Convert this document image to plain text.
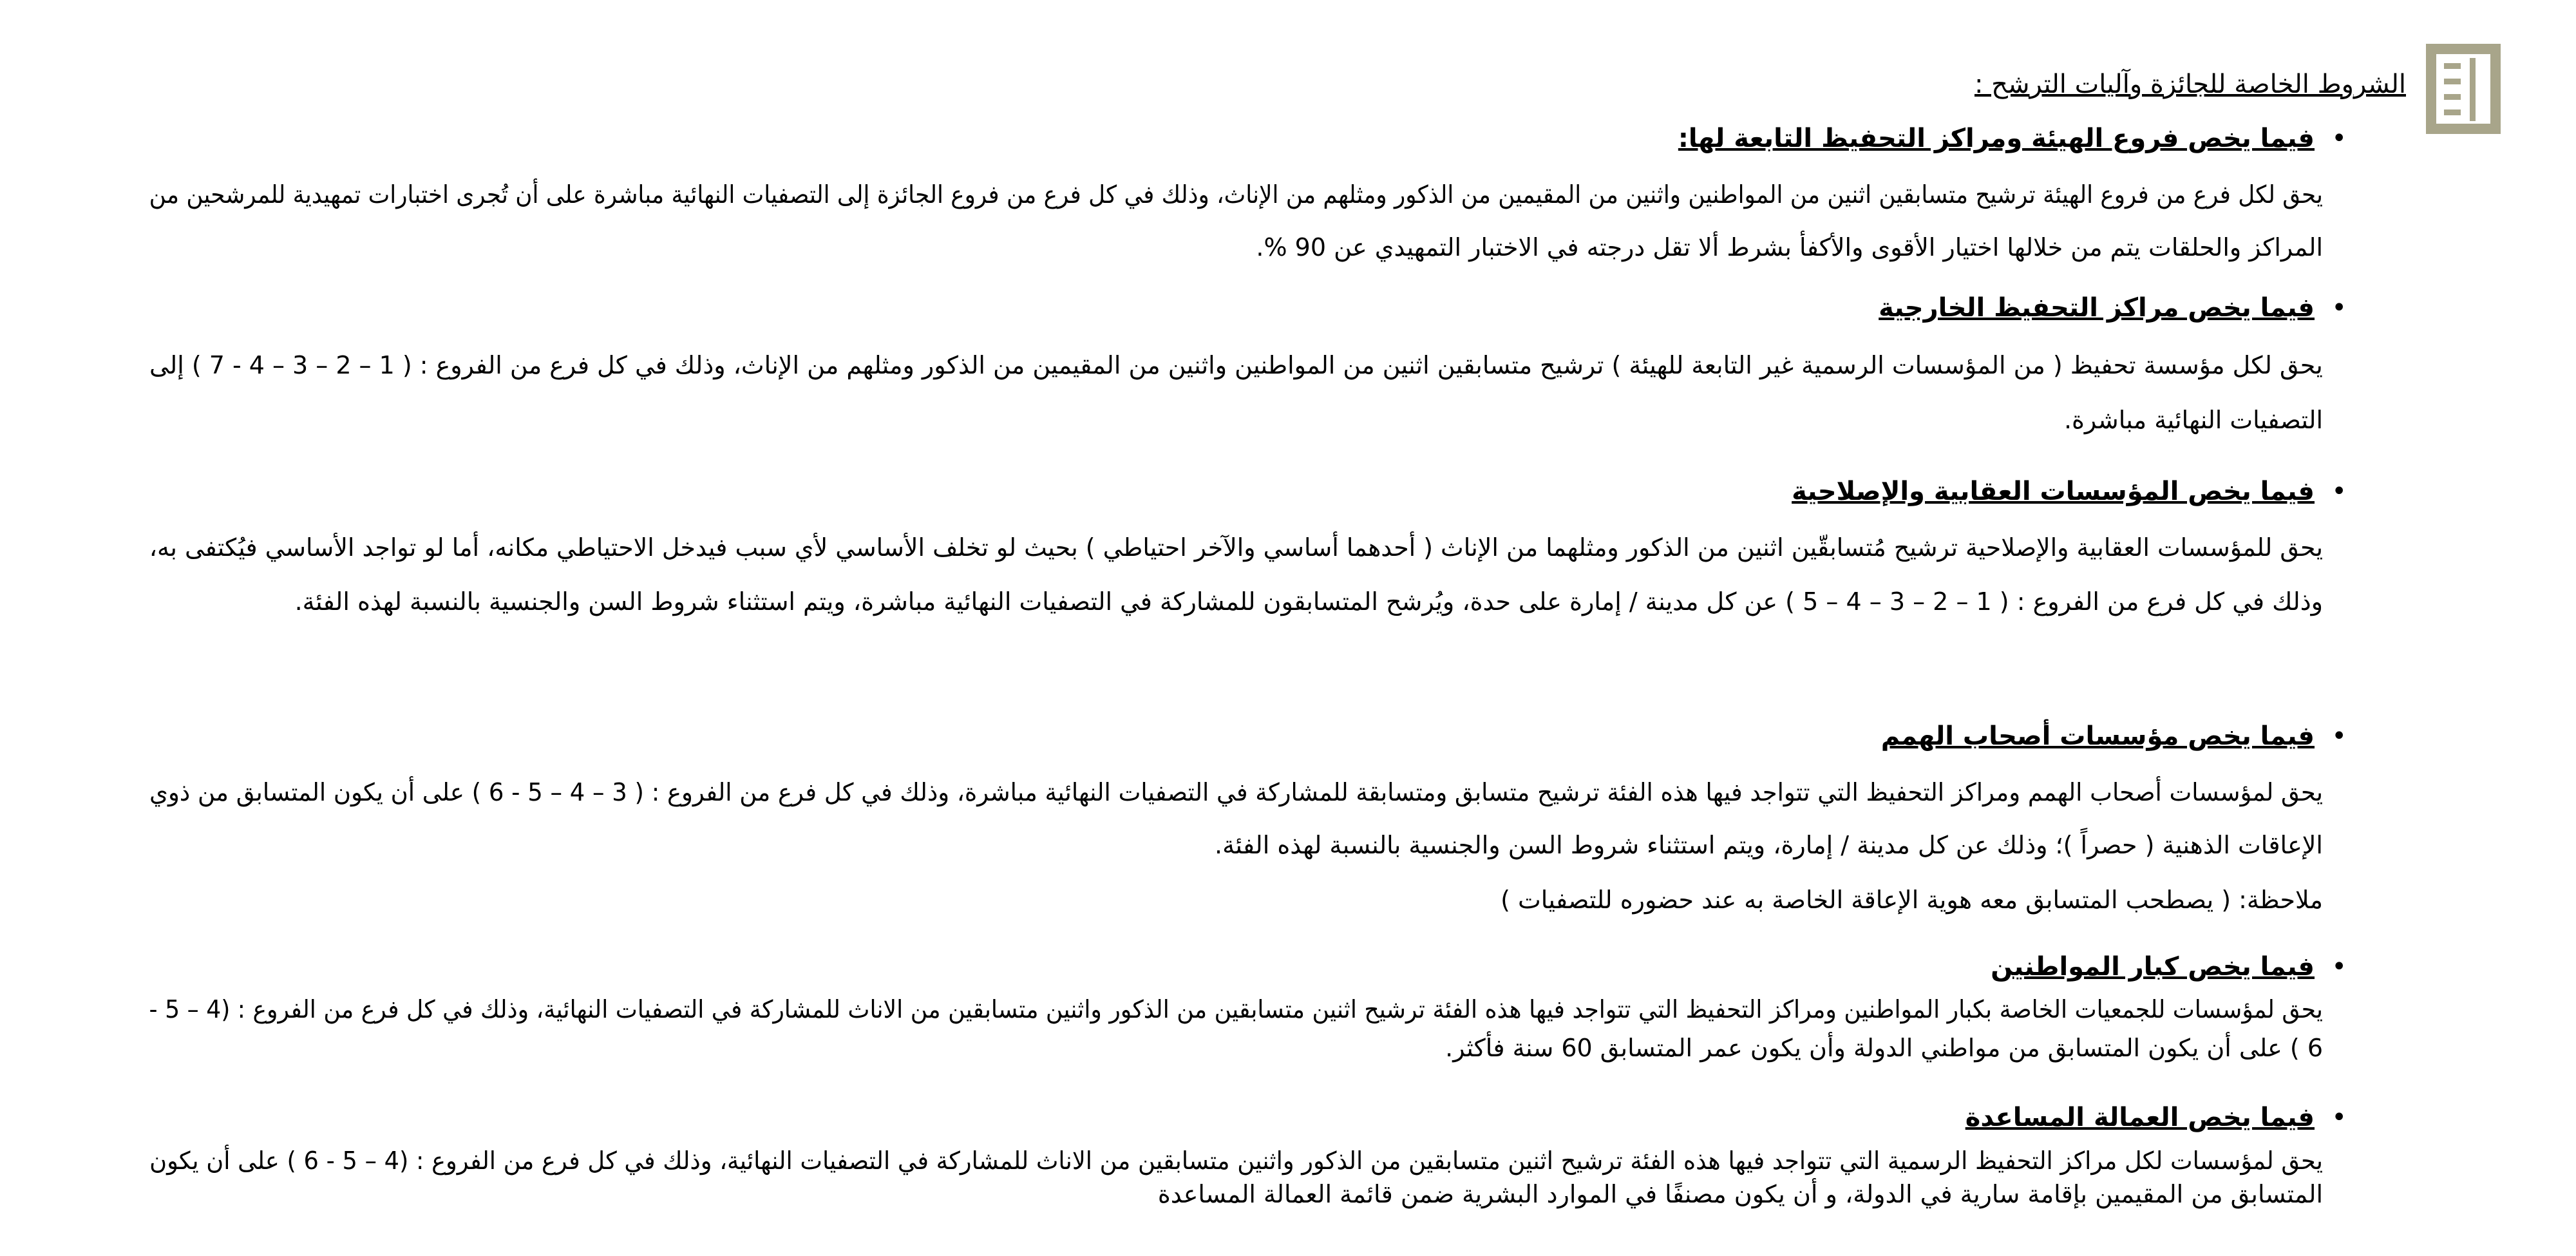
الشروط الخاصة للجائزة وآليات الترشح :
•
فيما يخص فروع الهيئة ومراكز التحفيظ التابعة لها:
يحق لكل فرع من فروع الهيئة ترشيح متسابقين اثنين من المواطنين واثنين من المقيمين من الذكور ومثلهم من الإناث، وذلك في كل فرع من فروع الجائزة إلى التصفيات النهائية مباشرة على أن تُجرى اختبارات تمهيدية للمرشحين من
المراكز والحلقات يتم من خلالها اختيار الأقوى والأكفأ بشرط ألا تقل درجته في الاختبار التمهيدي عن 90 %.
•
فيما يخص مراكز التحفيظ الخارجية
يحق لكل مؤسسة تحفيظ ( من المؤسسات الرسمية غير التابعة للهيئة ) ترشيح متسابقين اثنين من المواطنين واثنين من المقيمين من الذكور ومثلهم من الإناث، وذلك في كل فرع من الفروع : ( 1 – 2 – 3 – 4 - 7 ) إلى
التصفيات النهائية مباشرة.
•
فيما يخص المؤسسات العقابية والإصلاحية
يحق للمؤسسات العقابية والإصلاحية ترشيح مُتسابقّين اثنين من الذكور ومثلهما من الإناث ( أحدهما أساسي والآخر احتياطي ) بحيث لو تخلف الأساسي لأي سبب فيدخل الاحتياطي مكانه، أما لو تواجد الأساسي فيُكتفى به،
وذلك في كل فرع من الفروع : ( 1 – 2 – 3 – 4 – 5 ) عن كل مدينة / إمارة على حدة، ويُرشح المتسابقون للمشاركة في التصفيات النهائية مباشرة، ويتم استثناء شروط السن والجنسية بالنسبة لهذه الفئة.
•
فيما يخص مؤسسات أصحاب الهمم
يحق لمؤسسات أصحاب الهمم ومراكز التحفيظ التي تتواجد فيها هذه الفئة ترشيح متسابق ومتسابقة للمشاركة في التصفيات النهائية مباشرة، وذلك في كل فرع من الفروع : ( 3 – 4 – 5 - 6 ) على أن يكون المتسابق من ذوي
الإعاقات الذهنية ( حصراً )؛ وذلك عن كل مدينة / إمارة، ويتم استثناء شروط السن والجنسية بالنسبة لهذه الفئة.
ملاحظة: ( يصطحب المتسابق معه هوية الإعاقة الخاصة به عند حضوره للتصفيات )
•
فيما يخص كبار المواطنين
يحق لمؤسسات للجمعيات الخاصة بكبار المواطنين ومراكز التحفيظ التي تتواجد فيها هذه الفئة ترشيح اثنين متسابقين من الذكور واثنين متسابقين من الاناث للمشاركة في التصفيات النهائية، وذلك في كل فرع من الفروع : (4 – 5 -
6 ) على أن يكون المتسابق من مواطني الدولة وأن يكون عمر المتسابق 60 سنة فأكثر.
•
فيما يخص العمالة المساعدة
يحق لمؤسسات لكل مراكز التحفيظ الرسمية التي تتواجد فيها هذه الفئة ترشيح اثنين متسابقين من الذكور واثنين متسابقين من الاناث للمشاركة في التصفيات النهائية، وذلك في كل فرع من الفروع : (4 – 5 - 6 ) على أن يكون
المتسابق من المقيمين بإقامة سارية في الدولة، و أن يكون مصنفًا في الموارد البشرية ضمن قائمة العمالة المساعدة
